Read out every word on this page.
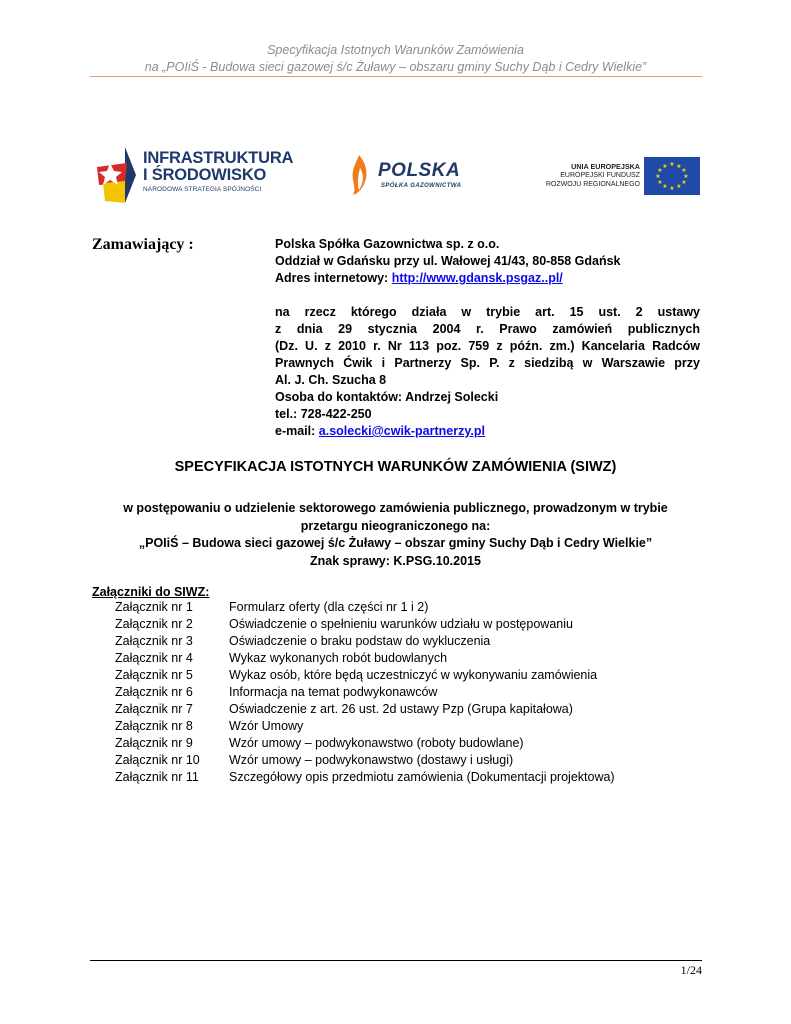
Specyfikacja Istotnych Warunków Zamówienia
na „POIiŚ - Budowa sieci gazowej ś/c Żuławy – obszaru gminy Suchy Dąb i Cedry Wielkie”
INFRASTRUKTURA
I ŚRODOWISKO
NARODOWA STRATEGIA SPÓJNOŚCI
POLSKA
SPÓŁKA GAZOWNICTWA
UNIA EUROPEJSKA
EUROPEJSKI FUNDUSZ
ROZWOJU REGIONALNEGO
★ ★
★
★
★
★
★
★
★
★
★
★
Zamawiający :	Polska Spółka Gazownictwa sp. z o.o.
Oddział w Gdańsku przy ul. Wałowej 41/43, 80-858 Gdańsk
Adres internetowy: http://www.gdansk.psgaz..pl/
na rzecz którego działa w trybie art. 15 ust. 2 ustawy
z dnia 29 stycznia 2004 r. Prawo zamówień publicznych
(Dz. U. z 2010 r. Nr 113 poz. 759 z późn. zm.) Kancelaria Radców
Prawnych Ćwik i Partnerzy Sp. P. z siedzibą w Warszawie przy
Al. J. Ch. Szucha 8
Osoba do kontaktów: Andrzej Solecki
tel.: 728-422-250
e-mail: a.solecki@cwik-partnerzy.pl
SPECYFIKACJA ISTOTNYCH WARUNKÓW ZAMÓWIENIA (SIWZ)
w postępowaniu o udzielenie sektorowego zamówienia publicznego, prowadzonym w trybie
przetargu nieograniczonego na:
„POIiŚ – Budowa sieci gazowej ś/c Żuławy – obszar gminy Suchy Dąb i Cedry Wielkie”
Znak sprawy: K.PSG.10.2015
Załączniki do SIWZ:
Załącznik nr 1	Formularz oferty (dla części nr 1 i 2)
Załącznik nr 2	Oświadczenie o spełnieniu warunków udziału w postępowaniu
Załącznik nr 3	Oświadczenie o braku podstaw do wykluczenia
Załącznik nr 4	Wykaz wykonanych robót budowlanych
Załącznik nr 5	Wykaz osób, które będą uczestniczyć w wykonywaniu zamówienia
Załącznik nr 6	Informacja na temat podwykonawców
Załącznik nr 7	Oświadczenie z art. 26 ust. 2d ustawy Pzp (Grupa kapitałowa)
Załącznik nr 8	Wzór Umowy
Załącznik nr 9	Wzór umowy – podwykonawstwo (roboty budowlane)
Załącznik nr 10	Wzór umowy – podwykonawstwo (dostawy i usługi)
Załącznik nr 11	Szczegółowy opis przedmiotu zamówienia (Dokumentacji projektowa)
1/24
